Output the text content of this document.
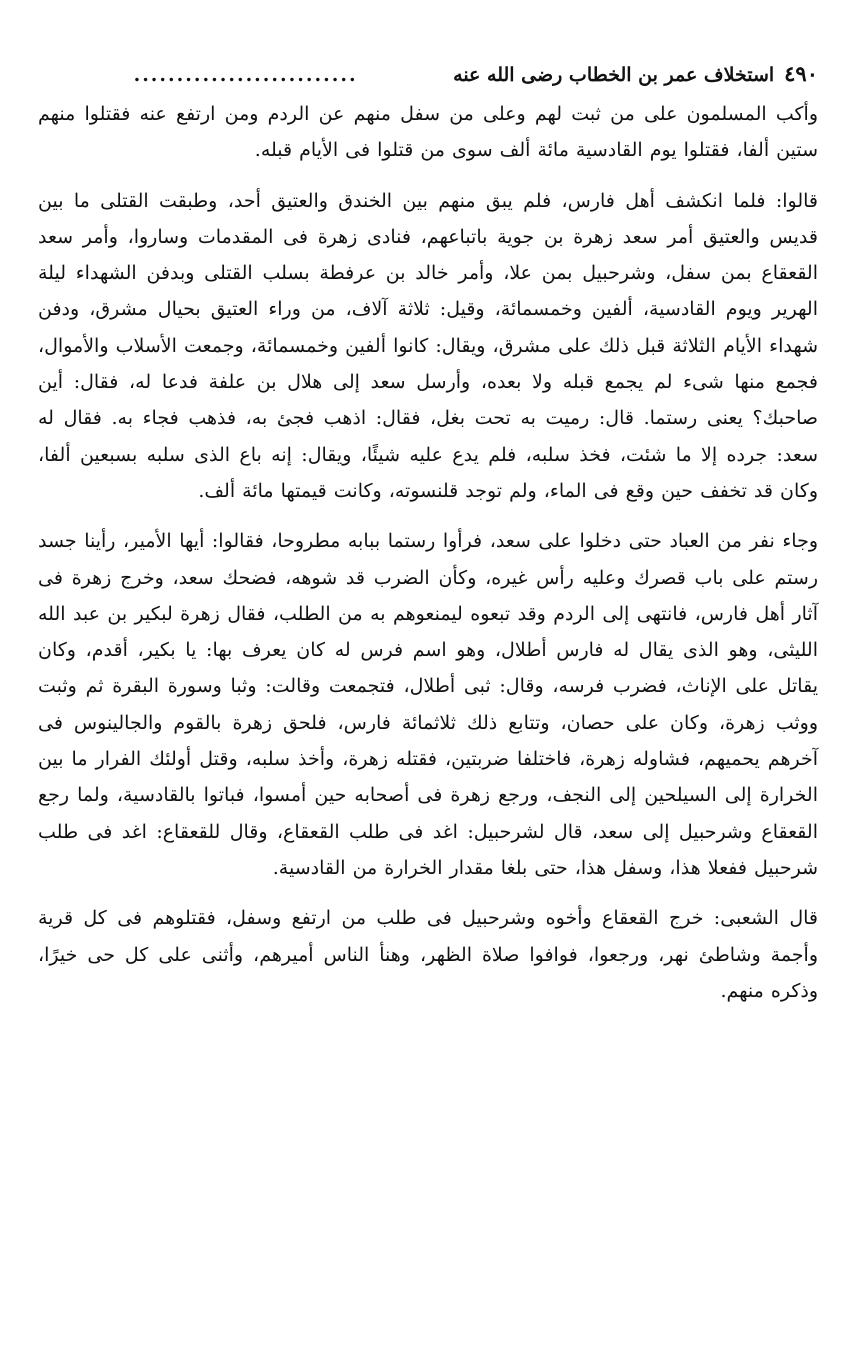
٤٩٠
استخلاف عمر بن الخطاب رضى الله عنه
..........................

وأكب المسلمون على من ثبت لهم وعلى من سفل منهم عن الردم ومن ارتفع عنه فقتلوا منهم ستين ألفا، فقتلوا يوم القادسية مائة ألف سوى من قتلوا فى الأيام قبله.

قالوا: فلما انكشف أهل فارس، فلم يبق منهم بين الخندق والعتيق أحد، وطبقت القتلى ما بين قديس والعتيق أمر سعد زهرة بن جوية باتباعهم، فنادى زهرة فى المقدمات وساروا، وأمر سعد القعقاع بمن سفل، وشرحبيل بمن علا، وأمر خالد بن عرفطة بسلب القتلى وبدفن الشهداء ليلة الهرير ويوم القادسية، ألفين وخمسمائة، وقيل: ثلاثة آلاف، من وراء العتيق بحيال مشرق، ودفن شهداء الأيام الثلاثة قبل ذلك على مشرق، ويقال: كانوا ألفين وخمسمائة، وجمعت الأسلاب والأموال، فجمع منها شىء لم يجمع قبله ولا بعده، وأرسل سعد إلى هلال بن علفة فدعا له، فقال: أين صاحبك؟ يعنى رستما. قال: رميت به تحت بغل، فقال: اذهب فجئ به، فذهب فجاء به. فقال له سعد: جرده إلا ما شئت، فخذ سلبه، فلم يدع عليه شيئًا، ويقال: إنه باع الذى سلبه بسبعين ألفا، وكان قد تخفف حين وقع فى الماء، ولم توجد قلنسوته، وكانت قيمتها مائة ألف.

وجاء نفر من العباد حتى دخلوا على سعد، فرأوا رستما ببابه مطروحا، فقالوا: أيها الأمير، رأينا جسد رستم على باب قصرك وعليه رأس غيره، وكأن الضرب قد شوهه، فضحك سعد، وخرج زهرة فى آثار أهل فارس، فانتهى إلى الردم وقد تبعوه ليمنعوهم به من الطلب، فقال زهرة لبكير بن عبد الله الليثى، وهو الذى يقال له فارس أطلال، وهو اسم فرس له كان يعرف بها: يا بكير، أقدم، وكان يقاتل على الإناث، فضرب فرسه، وقال: ثبى أطلال، فتجمعت وقالت: وثبا وسورة البقرة ثم وثبت ووثب زهرة، وكان على حصان، وتتابع ذلك ثلاثمائة فارس، فلحق زهرة بالقوم والجالينوس فى آخرهم يحميهم، فشاوله زهرة، فاختلفا ضربتين، فقتله زهرة، وأخذ سلبه، وقتل أولئك الفرار ما بين الخرارة إلى السيلحين إلى النجف، ورجع زهرة فى أصحابه حين أمسوا، فباتوا بالقادسية، ولما رجع القعقاع وشرحبيل إلى سعد، قال لشرحبيل: اغد فى طلب القعقاع، وقال للقعقاع: اغد فى طلب شرحبيل ففعلا هذا، وسفل هذا، حتى بلغا مقدار الخرارة من القادسية.

قال الشعبى: خرج القعقاع وأخوه وشرحبيل فى طلب من ارتفع وسفل، فقتلوهم فى كل قرية وأجمة وشاطئ نهر، ورجعوا، فوافوا صلاة الظهر، وهنأ الناس أميرهم، وأثنى على كل حى خيرًا، وذكره منهم.
